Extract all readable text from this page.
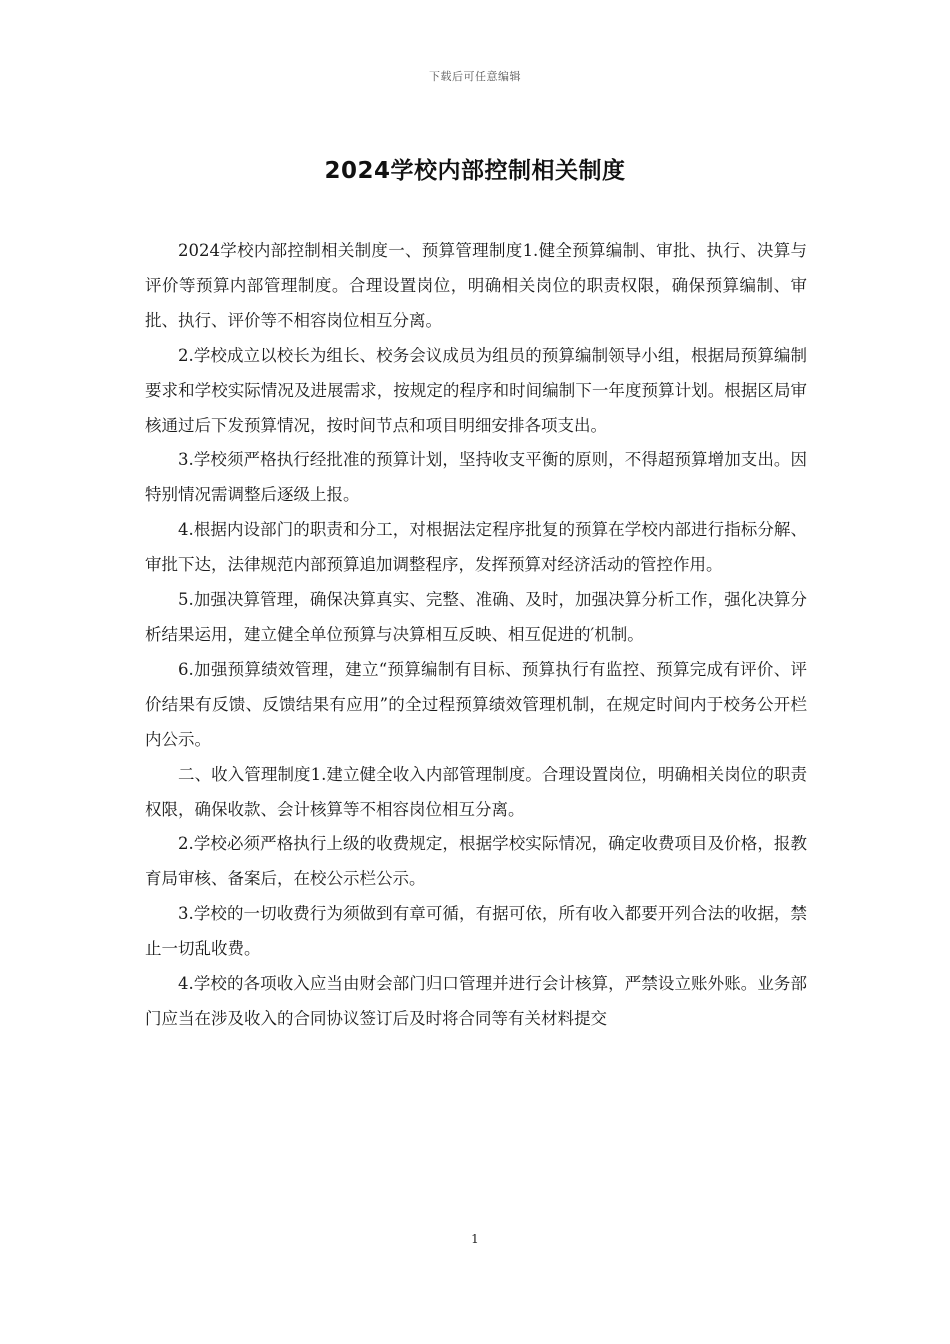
下载后可任意编辑
2024学校内部控制相关制度

2024学校内部控制相关制度一、预算管理制度1.健全预算编制、审批、执行、决算与评价等预算内部管理制度。合理设置岗位，明确相关岗位的职责权限，确保预算编制、审批、执行、评价等不相容岗位相互分离。

2.学校成立以校长为组长、校务会议成员为组员的预算编制领导小组，根据局预算编制要求和学校实际情况及进展需求，按规定的程序和时间编制下一年度预算计划。根据区局审核通过后下发预算情况，按时间节点和项目明细安排各项支出。

3.学校须严格执行经批准的预算计划，坚持收支平衡的原则，不得超预算增加支出。因特别情况需调整后逐级上报。

4.根据内设部门的职责和分工，对根据法定程序批复的预算在学校内部进行指标分解、审批下达，法律规范内部预算追加调整程序，发挥预算对经济活动的管控作用。

5.加强决算管理，确保决算真实、完整、准确、及时，加强决算分析工作，强化决算分析结果运用，建立健全单位预算与决算相互反映、相互促进的′机制。

6.加强预算绩效管理，建立“预算编制有目标、预算执行有监控、预算完成有评价、评价结果有反馈、反馈结果有应用”的全过程预算绩效管理机制，在规定时间内于校务公开栏内公示。

二、收入管理制度1.建立健全收入内部管理制度。合理设置岗位，明确相关岗位的职责权限，确保收款、会计核算等不相容岗位相互分离。

2.学校必须严格执行上级的收费规定，根据学校实际情况，确定收费项目及价格，报教育局审核、备案后，在校公示栏公示。

3.学校的一切收费行为须做到有章可循，有据可依，所有收入都要开列合法的收据，禁止一切乱收费。

4.学校的各项收入应当由财会部门归口管理并进行会计核算，严禁设立账外账。业务部门应当在涉及收入的合同协议签订后及时将合同等有关材料提交

1
